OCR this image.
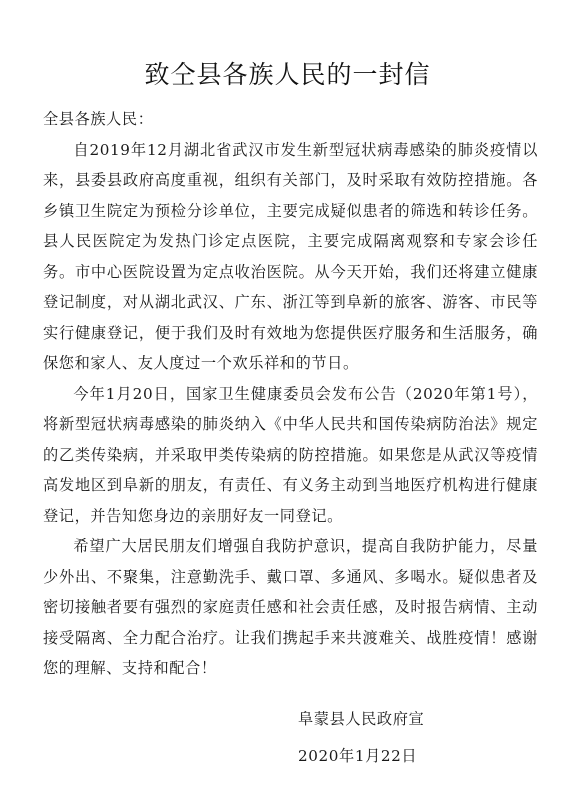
致仝县各族人民的一封信

全县各族人民：

自2019年12月湖北省武汉市发生新型冠状病毒感染的肺炎疫情以来，县委县政府高度重视，组织有关部门，及时采取有效防控措施。各乡镇卫生院定为预检分诊单位，主要完成疑似患者的筛选和转诊任务。县人民医院定为发热门诊定点医院，主要完成隔离观察和专家会诊任务。市中心医院设置为定点收治医院。从今天开始，我们还将建立健康登记制度，对从湖北武汉、广东、浙江等到阜新的旅客、游客、市民等实行健康登记，便于我们及时有效地为您提供医疗服务和生活服务，确保您和家人、友人度过一个欢乐祥和的节日。

今年1月20日，国家卫生健康委员会发布公告（2020年第1号），将新型冠状病毒感染的肺炎纳入《中华人民共和国传染病防治法》规定的乙类传染病，并采取甲类传染病的防控措施。如果您是从武汉等疫情高发地区到阜新的朋友，有责任、有义务主动到当地医疗机构进行健康登记，并告知您身边的亲朋好友一同登记。

希望广大居民朋友们增强自我防护意识，提高自我防护能力，尽量少外出、不聚集，注意勤洗手、戴口罩、多通风、多喝水。疑似患者及密切接触者要有强烈的家庭责任感和社会责任感，及时报告病情、主动接受隔离、全力配合治疗。让我们携起手来共渡难关、战胜疫情！感谢您的理解、支持和配合！

阜蒙县人民政府宣
2020年1月22日
